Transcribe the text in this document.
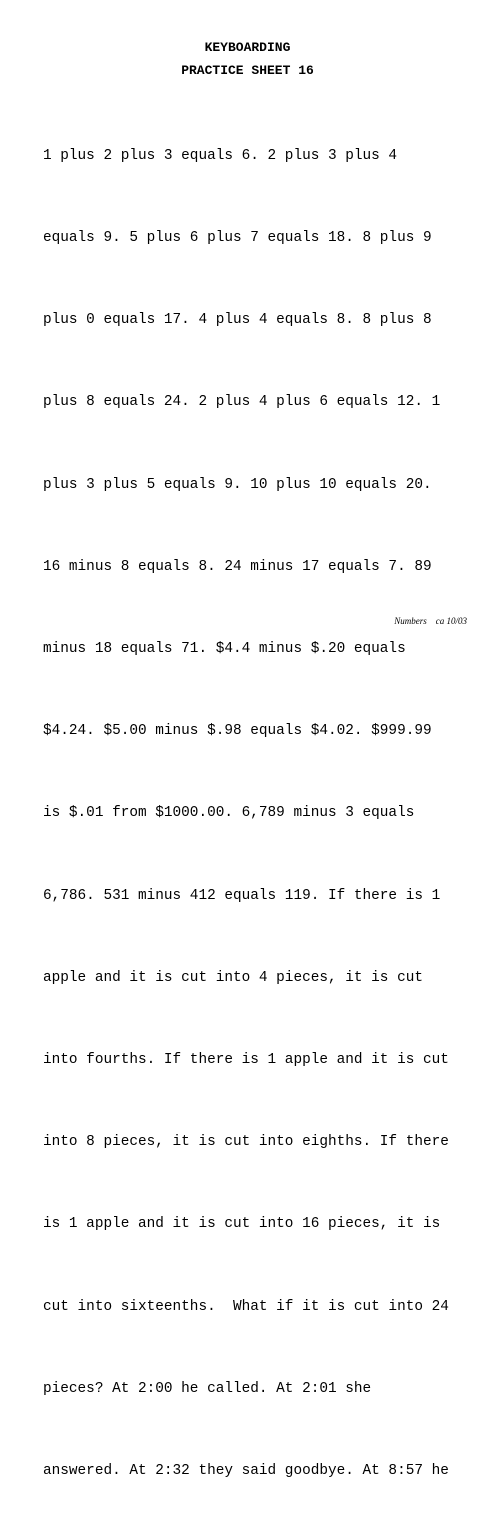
KEYBOARDING
PRACTICE SHEET 16

1 plus 2 plus 3 equals 6. 2 plus 3 plus 4

equals 9. 5 plus 6 plus 7 equals 18. 8 plus 9

plus 0 equals 17. 4 plus 4 equals 8. 8 plus 8

plus 8 equals 24. 2 plus 4 plus 6 equals 12. 1

plus 3 plus 5 equals 9. 10 plus 10 equals 20.

16 minus 8 equals 8. 24 minus 17 equals 7. 89

minus 18 equals 71. $4.4 minus $.20 equals

$4.24. $5.00 minus $.98 equals $4.02. $999.99

is $.01 from $1000.00. 6,789 minus 3 equals

6,786. 531 minus 412 equals 119. If there is 1

apple and it is cut into 4 pieces, it is cut

into fourths. If there is 1 apple and it is cut

into 8 pieces, it is cut into eighths. If there

is 1 apple and it is cut into 16 pieces, it is

cut into sixteenths.  What if it is cut into 24

pieces? At 2:00 he called. At 2:01 she

answered. At 2:32 they said goodbye. At 8:57 he

Numbers    ca 10/03
